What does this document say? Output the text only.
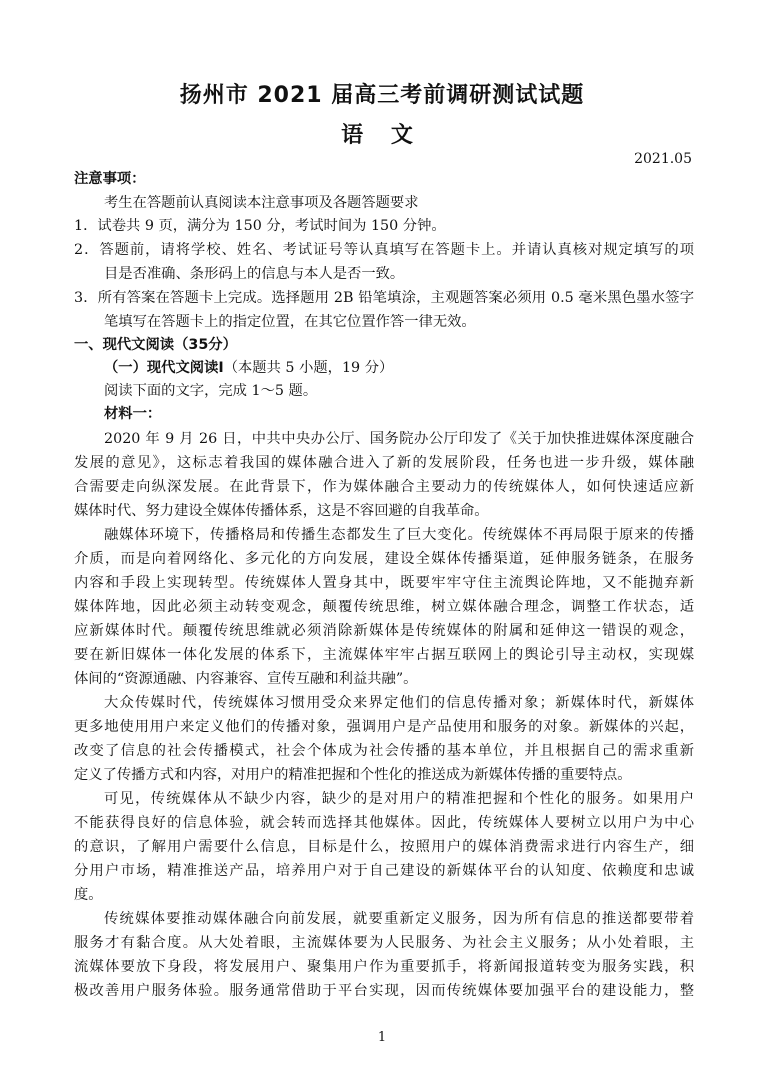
扬州市 2021 届高三考前调研测试试题
语 文
2021.05
注意事项：
考生在答题前认真阅读本注意事项及各题答题要求
1．试卷共 9 页，满分为 150 分，考试时间为 150 分钟。
2．答题前，请将学校、姓名、考试证号等认真填写在答题卡上。并请认真核对规定填写的项
目是否准确、条形码上的信息与本人是否一致。
3．所有答案在答题卡上完成。选择题用 2B 铅笔填涂，主观题答案必须用 0.5 毫米黑色墨水签字
笔填写在答题卡上的指定位置，在其它位置作答一律无效。
一、现代文阅读（35分）
（一）现代文阅读Ⅰ（本题共 5 小题，19 分）
阅读下面的文字，完成 1～5 题。
材料一：
2020 年 9 月 26 日，中共中央办公厅、国务院办公厅印发了《关于加快推进媒体深度融合
发展的意见》，这标志着我国的媒体融合进入了新的发展阶段，任务也进一步升级，媒体融
合需要走向纵深发展。在此背景下，作为媒体融合主要动力的传统媒体人，如何快速适应新
媒体时代、努力建设全媒体传播体系，这是不容回避的自我革命。
融媒体环境下，传播格局和传播生态都发生了巨大变化。传统媒体不再局限于原来的传播
介质，而是向着网络化、多元化的方向发展，建设全媒体传播渠道，延伸服务链条，在服务
内容和手段上实现转型。传统媒体人置身其中，既要牢牢守住主流舆论阵地，又不能抛弃新
媒体阵地，因此必须主动转变观念，颠覆传统思维，树立媒体融合理念，调整工作状态，适
应新媒体时代。颠覆传统思维就必须消除新媒体是传统媒体的附属和延伸这一错误的观念，
要在新旧媒体一体化发展的体系下，主流媒体牢牢占据互联网上的舆论引导主动权，实现媒
体间的“资源通融、内容兼容、宣传互融和利益共融”。
大众传媒时代，传统媒体习惯用受众来界定他们的信息传播对象；新媒体时代，新媒体
更多地使用用户来定义他们的传播对象，强调用户是产品使用和服务的对象。新媒体的兴起，
改变了信息的社会传播模式，社会个体成为社会传播的基本单位，并且根据自己的需求重新
定义了传播方式和内容，对用户的精准把握和个性化的推送成为新媒体传播的重要特点。
可见，传统媒体从不缺少内容，缺少的是对用户的精准把握和个性化的服务。如果用户
不能获得良好的信息体验，就会转而选择其他媒体。因此，传统媒体人要树立以用户为中心
的意识，了解用户需要什么信息，目标是什么，按照用户的媒体消费需求进行内容生产，细
分用户市场，精准推送产品，培养用户对于自己建设的新媒体平台的认知度、依赖度和忠诚
度。
传统媒体要推动媒体融合向前发展，就要重新定义服务，因为所有信息的推送都要带着
服务才有黏合度。从大处着眼，主流媒体要为人民服务、为社会主义服务；从小处着眼，主
流媒体要放下身段，将发展用户、聚集用户作为重要抓手，将新闻报道转变为服务实践，积
极改善用户服务体验。服务通常借助于平台实现，因而传统媒体要加强平台的建设能力，整
1
